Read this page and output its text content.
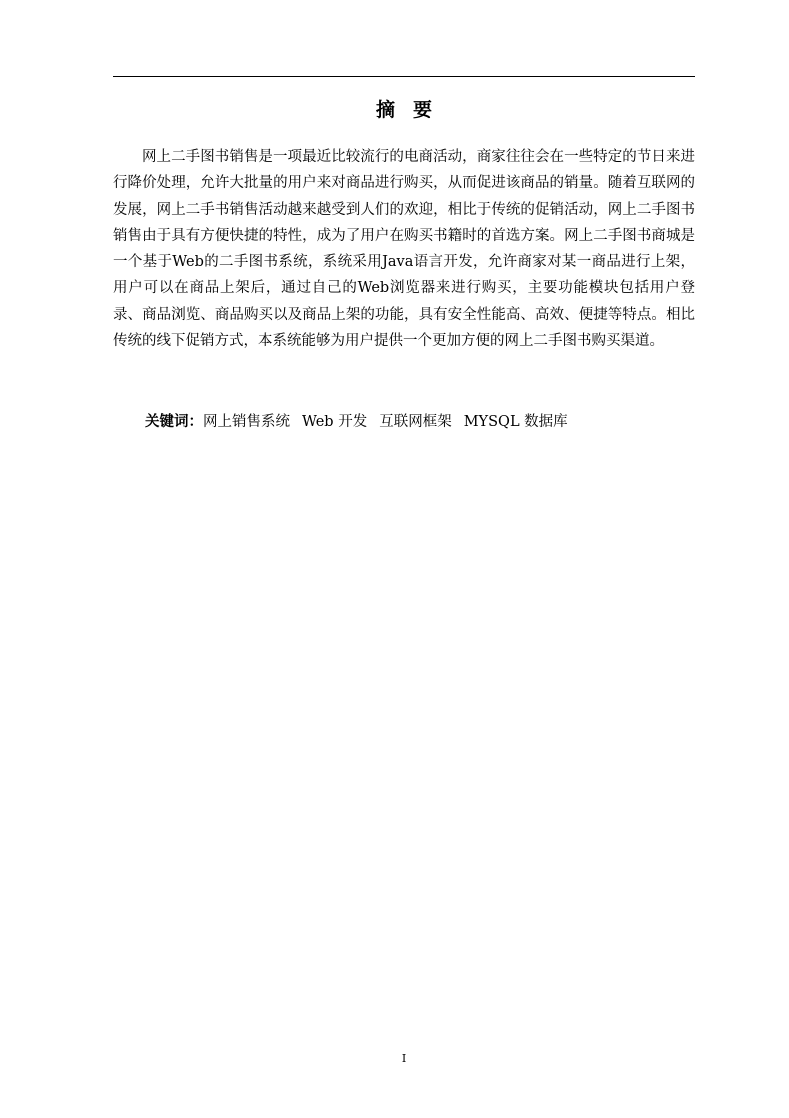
摘要

网上二手图书销售是一项最近比较流行的电商活动，商家往往会在一些特定的节日来进行降价处理，允许大批量的用户来对商品进行购买，从而促进该商品的销量。随着互联网的发展，网上二手书销售活动越来越受到人们的欢迎，相比于传统的促销活动，网上二手图书销售由于具有方便快捷的特性，成为了用户在购买书籍时的首选方案。网上二手图书商城是一个基于Web的二手图书系统，系统采用Java语言开发，允许商家对某一商品进行上架，用户可以在商品上架后，通过自己的Web浏览器来进行购买，主要功能模块包括用户登录、商品浏览、商品购买以及商品上架的功能，具有安全性能高、高效、便捷等特点。相比传统的线下促销方式，本系统能够为用户提供一个更加方便的网上二手图书购买渠道。

关键词：网上销售系统 Web 开发 互联网框架 MYSQL 数据库
I
